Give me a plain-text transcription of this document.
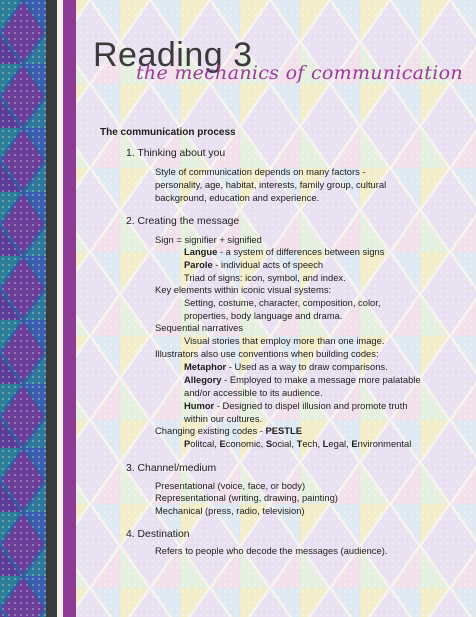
Reading 3
the mechanics of communication
The communication process
1. Thinking about you
Style of communication depends on many factors -
personality, age, habitat, interests, family group, cultural
background, education and experience.
2. Creating the message
Sign = signifier + signified
Langue - a system of differences between signs
Parole - individual acts of speech
Triad of signs: icon, symbol, and index.
Key elements within iconic visual systems:
Setting, costume, character, composition, color,
properties, body language and drama.
Sequential narratives
Visual stories that employ more than one image.
Illustrators also use conventions when building codes:
Metaphor - Used as a way to draw comparisons.
Allegory - Employed to make a message more palatable
and/or accessible to its audience.
Humor - Designed to dispel illusion and promote truth
within our cultures.
Changing existing codes - PESTLE
Politcal, Economic, Social, Tech, Legal, Environmental
3. Channel/medium
Presentational (voice, face, or body)
Representational (writing, drawing, painting)
Mechanical (press, radio, television)
4. Destination
Refers to people who decode the messages (audience).
